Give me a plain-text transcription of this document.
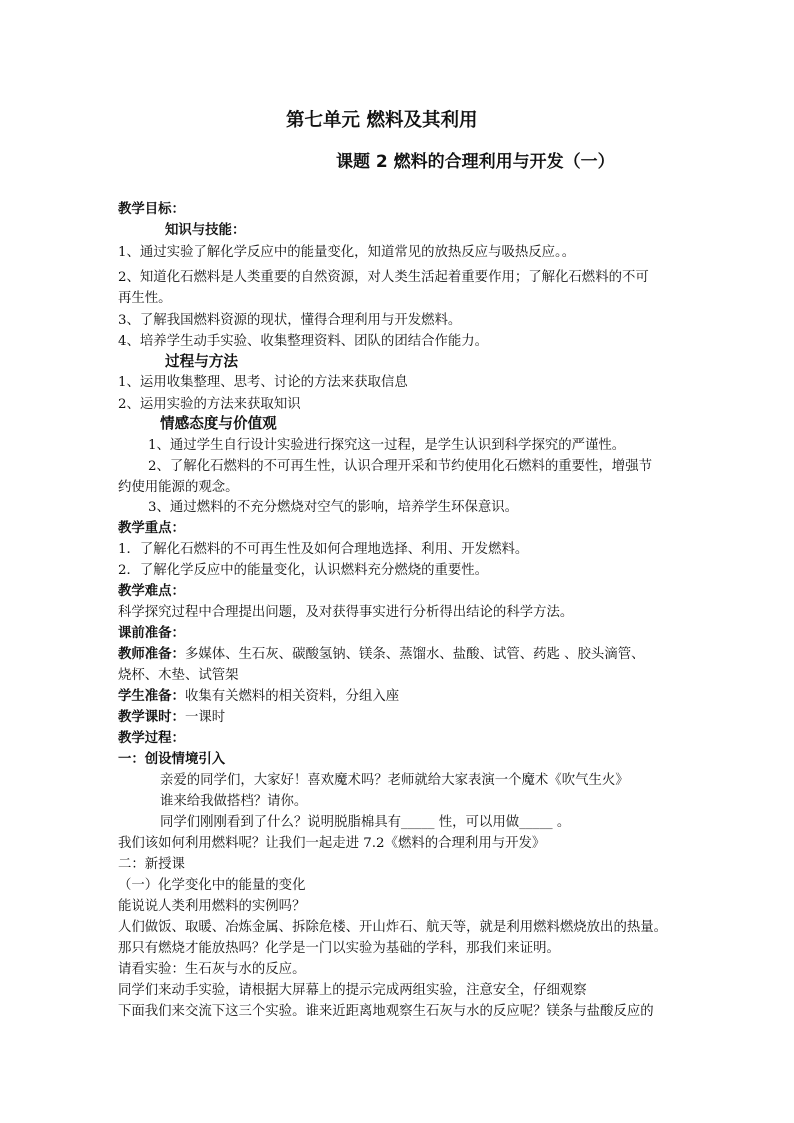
第七单元 燃料及其利用
课题 2 燃料的合理利用与开发（一）
教学目标：
知识与技能：
1、通过实验了解化学反应中的能量变化，知道常见的放热反应与吸热反应。。
2、知道化石燃料是人类重要的自然资源，对人类生活起着重要作用；了解化石燃料的不可
再生性。
3、了解我国燃料资源的现状，懂得合理利用与开发燃料。
4、培养学生动手实验、收集整理资料、团队的团结合作能力。
过程与方法
1、运用收集整理、思考、讨论的方法来获取信息
2、运用实验的方法来获取知识
情感态度与价值观
1、通过学生自行设计实验进行探究这一过程，是学生认识到科学探究的严谨性。
2、了解化石燃料的不可再生性，认识合理开采和节约使用化石燃料的重要性，增强节
约使用能源的观念。
3、通过燃料的不充分燃烧对空气的影响，培养学生环保意识。
教学重点：
1．了解化石燃料的不可再生性及如何合理地选择、利用、开发燃料。
2．了解化学反应中的能量变化，认识燃料充分燃烧的重要性。
教学难点：
科学探究过程中合理提出问题，及对获得事实进行分析得出结论的科学方法。
课前准备：
教师准备：多媒体、生石灰、碳酸氢钠、镁条、蒸馏水、盐酸、试管、药匙 、胶头滴管、
烧杯、木垫、试管架
学生准备：收集有关燃料的相关资料，分组入座
教学课时：一课时
教学过程：
一：创设情境引入
亲爱的同学们，大家好！喜欢魔术吗？老师就给大家表演一个魔术《吹气生火》
谁来给我做搭档？请你。
同学们刚刚看到了什么？说明脱脂棉具有_____ 性，可以用做_____ 。
我们该如何利用燃料呢？让我们一起走进 7.2《燃料的合理利用与开发》
二：新授课
（一）化学变化中的能量的变化
能说说人类利用燃料的实例吗？
人们做饭、取暖、冶炼金属、拆除危楼、开山炸石、航天等，就是利用燃料燃烧放出的热量。
那只有燃烧才能放热吗？化学是一门以实验为基础的学科，那我们来证明。
请看实验：生石灰与水的反应。
同学们来动手实验，请根据大屏幕上的提示完成两组实验，注意安全，仔细观察
下面我们来交流下这三个实验。谁来近距离地观察生石灰与水的反应呢？镁条与盐酸反应的
